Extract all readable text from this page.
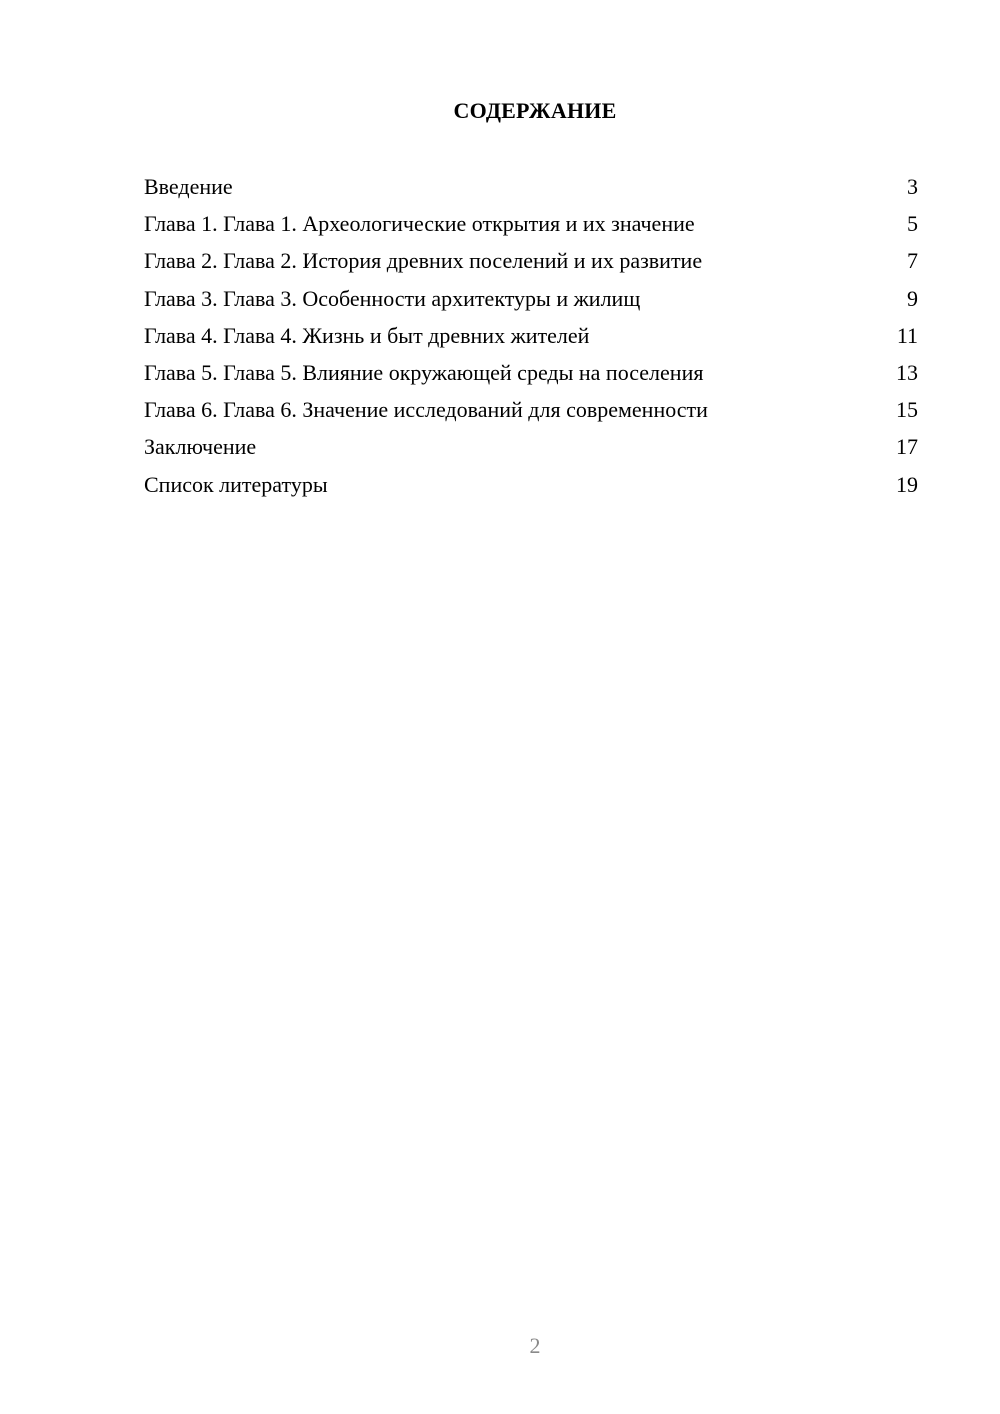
СОДЕРЖАНИЕ
Введение	3
Глава 1. Глава 1. Археологические открытия и их значение	5
Глава 2. Глава 2. История древних поселений и их развитие	7
Глава 3. Глава 3. Особенности архитектуры и жилищ	9
Глава 4. Глава 4. Жизнь и быт древних жителей	11
Глава 5. Глава 5. Влияние окружающей среды на поселения	13
Глава 6. Глава 6. Значение исследований для современности	15
Заключение	17
Список литературы	19
2
